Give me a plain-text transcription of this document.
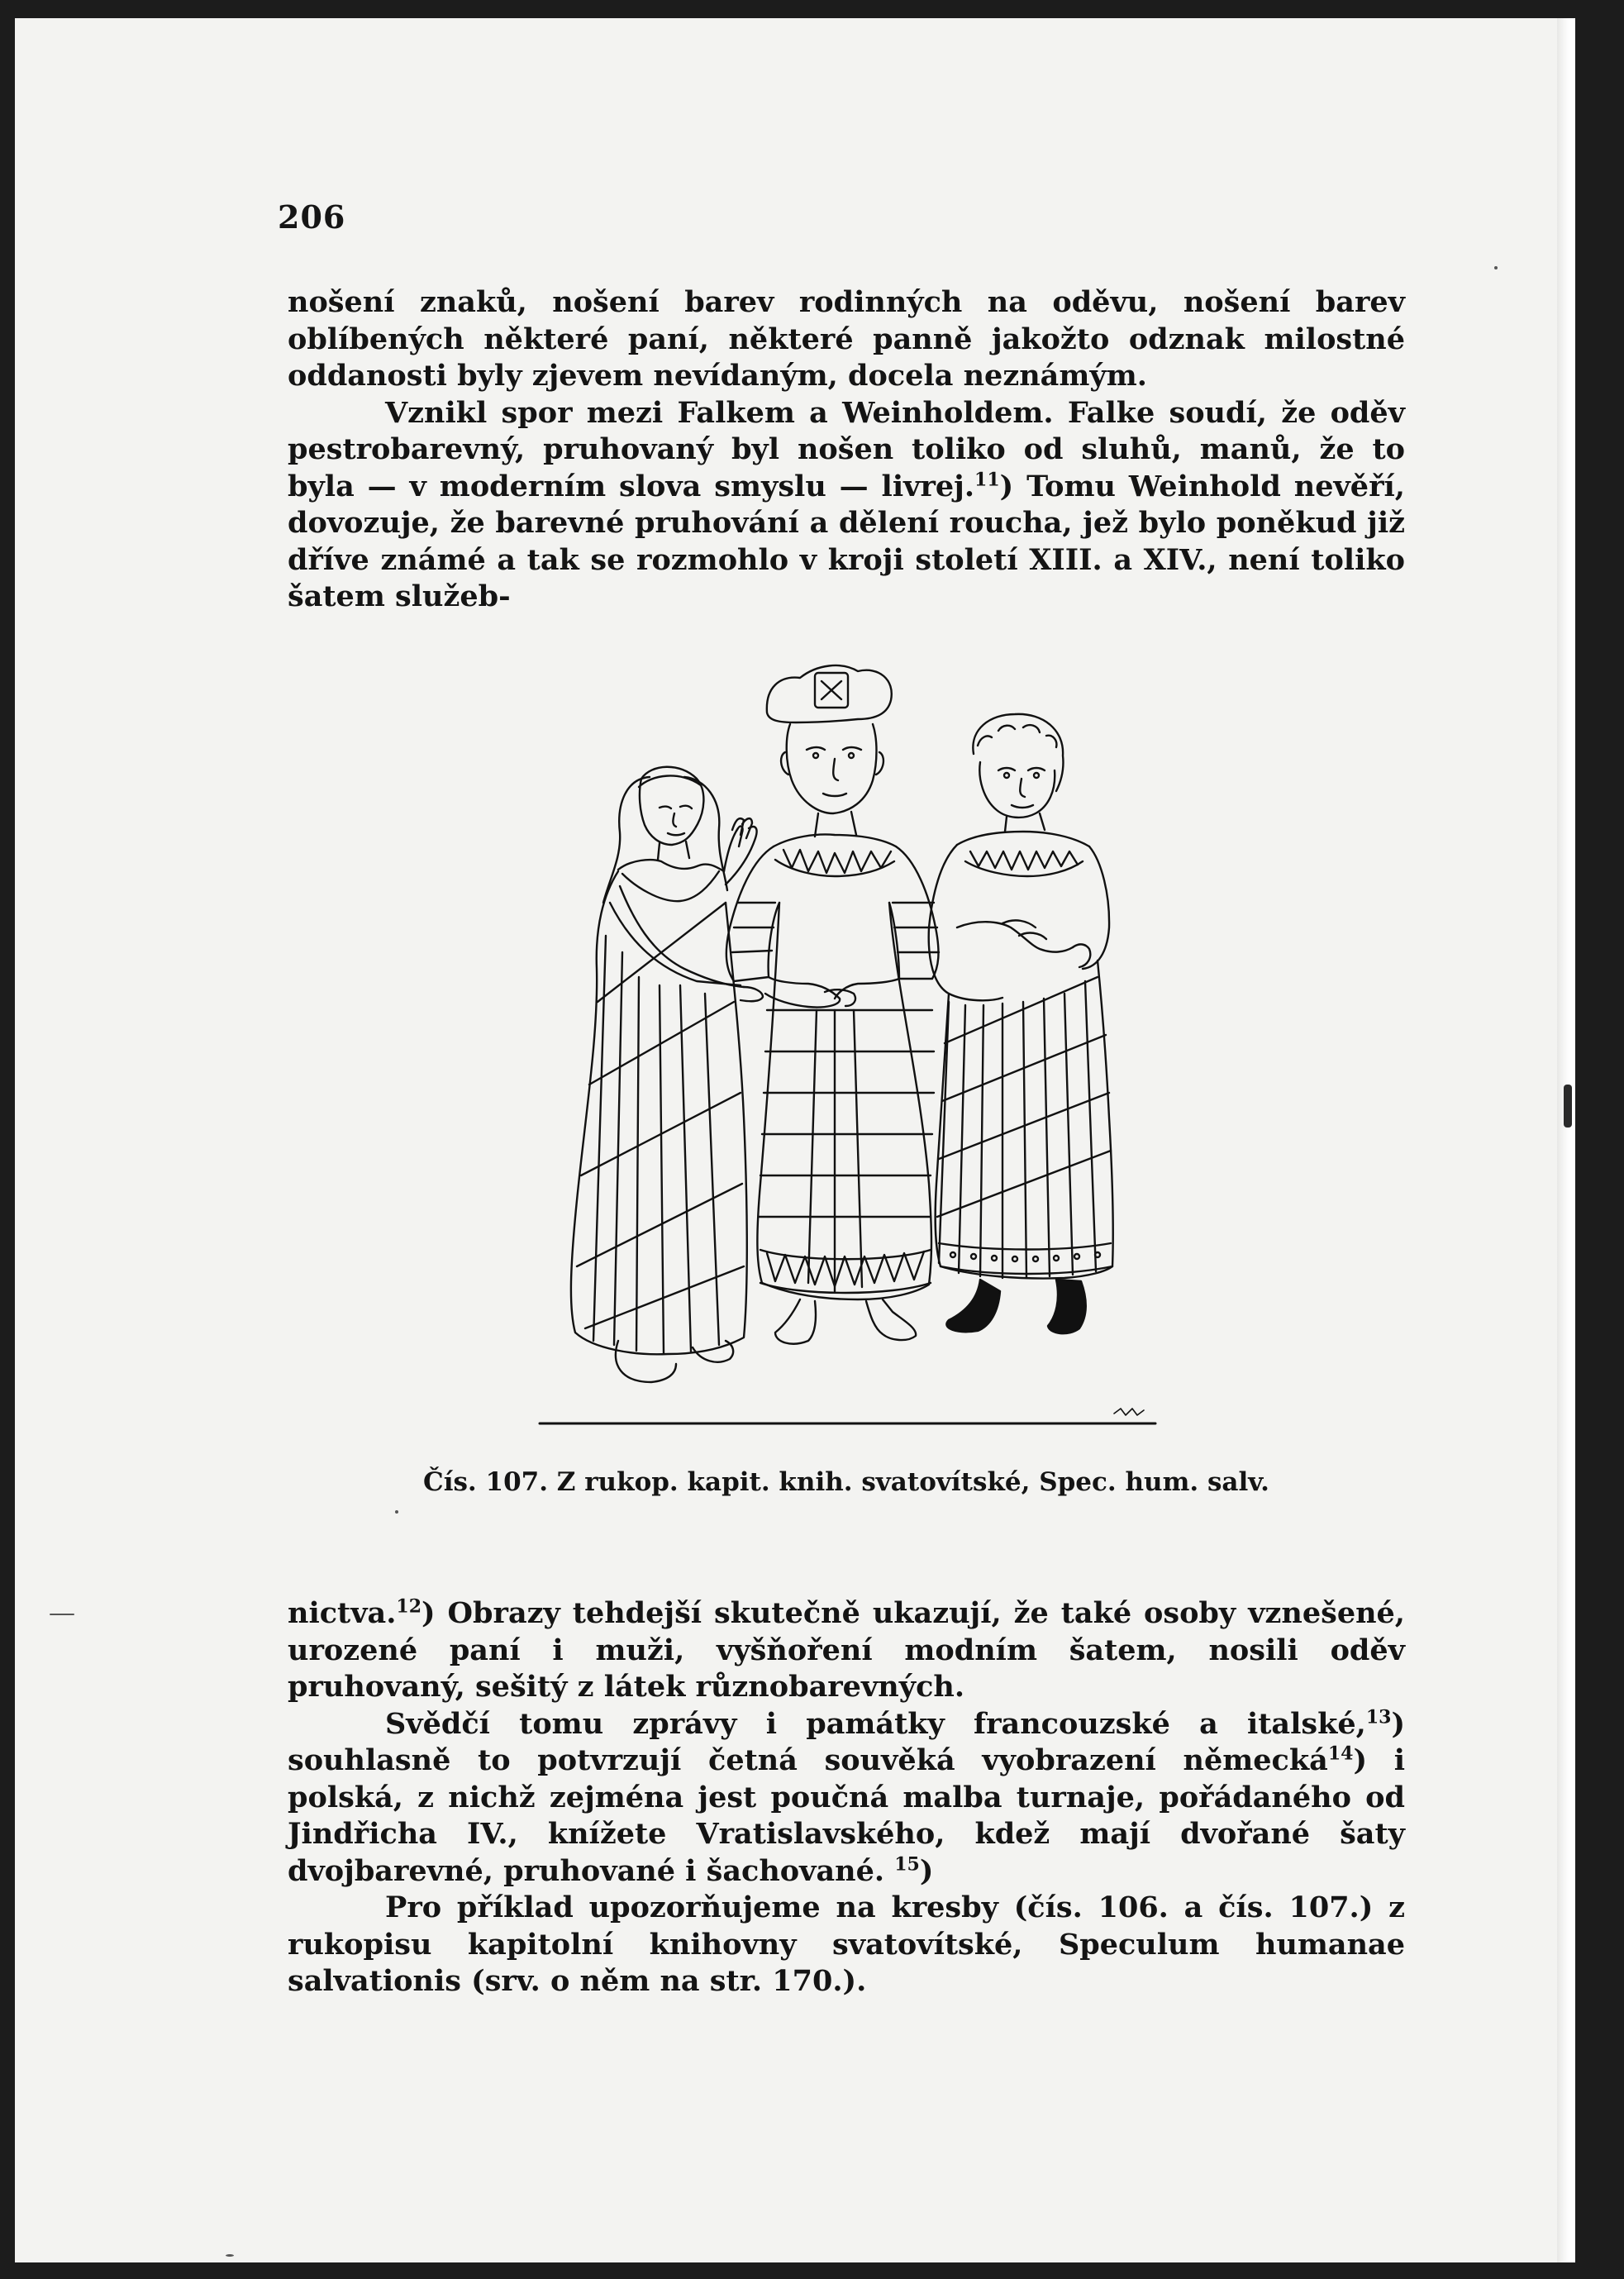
206

nošení znaků, nošení barev rodinných na oděvu, nošení barev oblíbených některé paní, některé panně jakožto odznak milostné oddanosti byly zjevem nevídaným, docela neznámým.

Vznikl spor mezi Falkem a Weinholdem. Falke soudí, že oděv pestrobarevný, pruhovaný byl nošen toliko od sluhů, manů, že to byla — v moderním slova smyslu — livrej.$^{11}$) Tomu Weinhold nevěří, dovozuje, že barevné pruhování a dělení roucha, jež bylo poněkud již dříve známé a tak se rozmohlo v kroji století XIII. a XIV., není toliko šatem služeb-

Čís. 107. Z rukop. kapit. knih. svatovítské, Spec. hum. salv.

nictva.$^{12}$) Obrazy tehdejší skutečně ukazují, že také osoby vznešené, urozené paní i muži, vyšňoření modním šatem, nosili oděv pruhovaný, sešitý z látek různobarevných.

Svědčí tomu zprávy i památky francouzské a italské,$^{13}$) souhlasně to potvrzují četná souvěká vyobrazení německá$^{14}$) i polská, z nichž zejména jest poučná malba turnaje, pořádaného od Jindřicha IV., knížete Vratislavského, kdež mají dvořané šaty dvojbarevné, pruhované i šachované. $^{15}$)

Pro příklad upozorňujeme na kresby (čís. 106. a čís. 107.) z rukopisu kapitolní knihovny svatovítské, Speculum humanae salvationis (srv. o něm na str. 170.).
